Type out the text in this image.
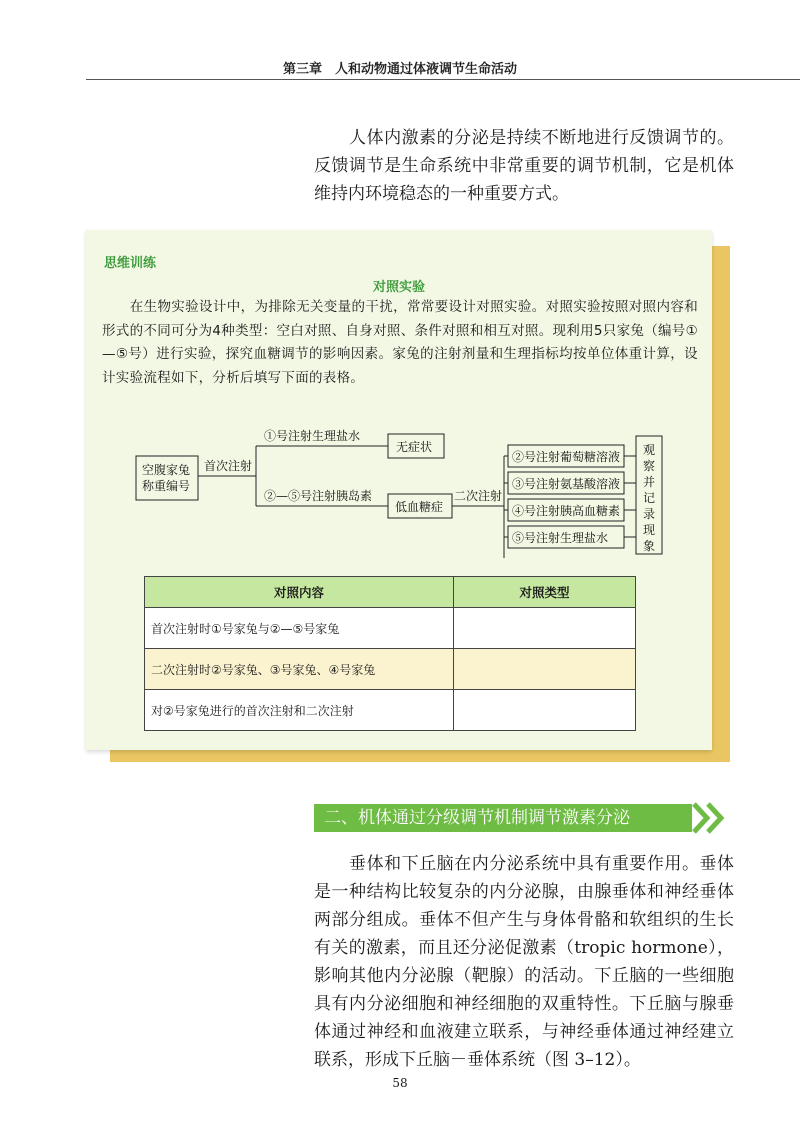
第三章　人和动物通过体液调节生命活动

　　人体内激素的分泌是持续不断地进行反馈调节的。反馈调节是生命系统中非常重要的调节机制，它是机体维持内环境稳态的一种重要方式。

思维训练
对照实验

　　在生物实验设计中，为排除无关变量的干扰，常常要设计对照实验。对照实验按照对照内容和形式的不同可分为4种类型：空白对照、自身对照、条件对照和相互对照。现利用5只家兔（编号①—⑤号）进行实验，探究血糖调节的影响因素。家兔的注射剂量和生理指标均按单位体重计算，设计实验流程如下，分析后填写下面的表格。

空腹家兔
称重编号
首次注射
①号注射生理盐水
无症状
②—⑤号注射胰岛素
低血糖症
二次注射
②号注射葡萄糖溶液
③号注射氨基酸溶液
④号注射胰高血糖素
⑤号注射生理盐水
观
察
并
记
录
现
象
对照内容	对照类型
首次注射时①号家兔与②—⑤号家兔	
二次注射时②号家兔、③号家兔、④号家兔	
对②号家兔进行的首次注射和二次注射	
二、机体通过分级调节机制调节激素分泌

　　垂体和下丘脑在内分泌系统中具有重要作用。垂体是一种结构比较复杂的内分泌腺，由腺垂体和神经垂体两部分组成。垂体不但产生与身体骨骼和软组织的生长有关的激素，而且还分泌促激素（tropic hormone），影响其他内分泌腺（靶腺）的活动。下丘脑的一些细胞具有内分泌细胞和神经细胞的双重特性。下丘脑与腺垂体通过神经和血液建立联系，与神经垂体通过神经建立联系，形成下丘脑－垂体系统（图 3–12）。

58
